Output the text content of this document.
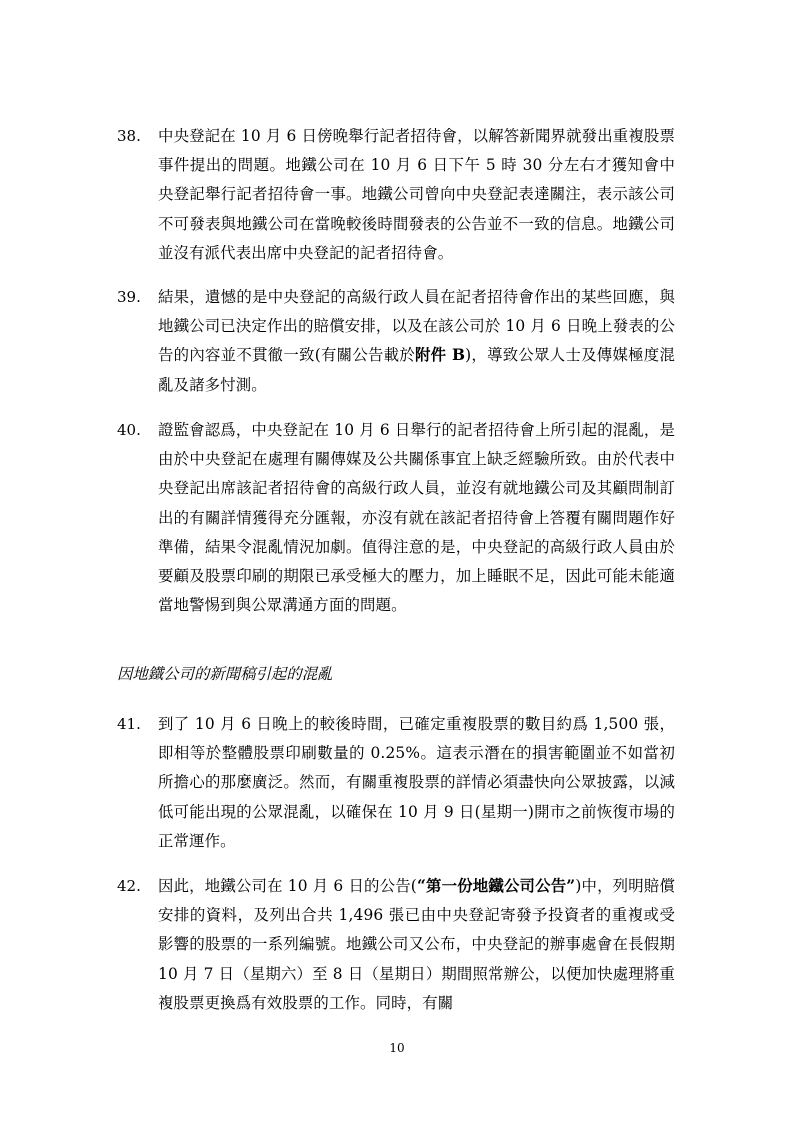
38.	中央登記在 10 月 6 日傍晚舉行記者招待會，以解答新聞界就發出重複股票事件提出的問題。地鐵公司在 10 月 6 日下午 5 時 30 分左右才獲知會中央登記舉行記者招待會一事。地鐵公司曾向中央登記表達關注，表示該公司不可發表與地鐵公司在當晚較後時間發表的公告並不一致的信息。地鐵公司並沒有派代表出席中央登記的記者招待會。
39.	結果，遺憾的是中央登記的高級行政人員在記者招待會作出的某些回應，與地鐵公司已決定作出的賠償安排，以及在該公司於 10 月 6 日晚上發表的公告的內容並不貫徹一致(有關公告載於附件 B)，導致公眾人士及傳媒極度混亂及諸多忖測。
40.	證監會認爲，中央登記在 10 月 6 日舉行的記者招待會上所引起的混亂，是由於中央登記在處理有關傳媒及公共關係事宜上缺乏經驗所致。由於代表中央登記出席該記者招待會的高級行政人員，並沒有就地鐵公司及其顧問制訂出的有關詳情獲得充分匯報，亦沒有就在該記者招待會上答覆有關問題作好準備，結果令混亂情況加劇。值得注意的是，中央登記的高級行政人員由於要顧及股票印刷的期限已承受極大的壓力，加上睡眠不足，因此可能未能適當地警惕到與公眾溝通方面的問題。
因地鐵公司的新聞稿引起的混亂
41.	到了 10 月 6 日晚上的較後時間，已確定重複股票的數目約爲 1,500 張，即相等於整體股票印刷數量的 0.25%。這表示潛在的損害範圍並不如當初所擔心的那麼廣泛。然而，有關重複股票的詳情必須盡快向公眾披露，以減低可能出現的公眾混亂，以確保在 10 月 9 日(星期一)開市之前恢復市場的正常運作。
42.	因此，地鐵公司在 10 月 6 日的公告(“第一份地鐵公司公告”)中，列明賠償安排的資料，及列出合共 1,496 張已由中央登記寄發予投資者的重複或受影響的股票的一系列編號。地鐵公司又公布，中央登記的辦事處會在長假期 10 月 7 日（星期六）至 8 日（星期日）期間照常辦公，以便加快處理將重複股票更換爲有效股票的工作。同時，有關
10
